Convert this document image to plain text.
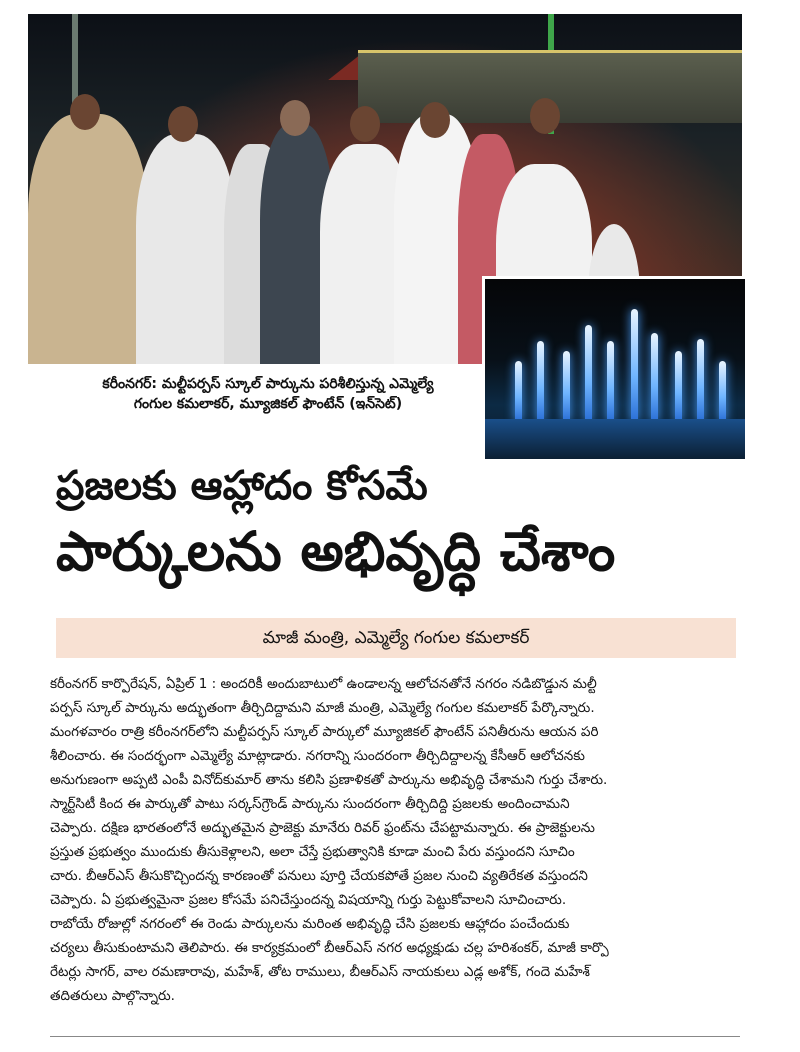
కరీంనగర్‌: మల్టీపర్పస్‌ స్కూల్‌ పార్కును పరిశీలిస్తున్న ఎమ్మెల్యే
గంగుల కమలాకర్‌, మ్యూజికల్‌ ఫౌంటేన్‌ (ఇన్‌సెట్‌)
ప్రజలకు ఆహ్లాదం కోసమే
పార్కులను అభివృద్ధి చేశాం
మాజీ మంత్రి, ఎమ్మెల్యే గంగుల కమలాకర్‌
కరీంనగర్‌ కార్పొరేషన్‌, ఏప్రిల్‌ 1 : అందరికీ అందుబాటులో ఉండాలన్న ఆలోచనతోనే నగరం నడిబొడ్డున మల్టీ
పర్పస్‌ స్కూల్‌ పార్కును అద్భుతంగా తీర్చిదిద్దామని మాజీ మంత్రి, ఎమ్మెల్యే గంగుల కమలాకర్‌ పేర్కొన్నారు.
మంగళవారం రాత్రి కరీంనగర్‌లోని మల్టీపర్పస్‌ స్కూల్‌ పార్కులో మ్యూజికల్‌ ఫౌంటేన్‌ పనితీరును ఆయన పరి
శీలించారు. ఈ సందర్భంగా ఎమ్మెల్యే మాట్లాడారు. నగరాన్ని సుందరంగా తీర్చిదిద్దాలన్న కేసీఆర్‌ ఆలోచనకు
అనుగుణంగా అప్పటి ఎంపీ వినోద్‌కుమార్‌ తాను కలిసి ప్రణాళికతో పార్కును అభివృద్ధి చేశామని గుర్తు చేశారు.
స్మార్ట్‌సిటీ కింద ఈ పార్కుతో పాటు సర్కస్‌గ్రౌండ్‌ పార్కును సుందరంగా తీర్చిదిద్ది ప్రజలకు అందించామని
చెప్పారు. దక్షిణ భారతంలోనే అద్భుతమైన ప్రాజెక్టు మానేరు రివర్‌ ఫ్రంట్‌ను చేపట్టామన్నారు. ఈ ప్రాజెక్టులను
ప్రస్తుత ప్రభుత్వం ముందుకు తీసుకెళ్లాలని, అలా చేస్తే ప్రభుత్వానికి కూడా మంచి పేరు వస్తుందని సూచిం
చారు. బీఆర్‌ఎస్‌ తీసుకొచ్చిందన్న కారణంతో పనులు పూర్తి చేయకపోతే ప్రజల నుంచి వ్యతిరేకత వస్తుందని
చెప్పారు. ఏ ప్రభుత్వమైనా ప్రజల కోసమే పనిచేస్తుందన్న విషయాన్ని గుర్తు పెట్టుకోవాలని సూచించారు.
రాబోయే రోజుల్లో నగరంలో ఈ రెండు పార్కులను మరింత అభివృద్ధి చేసి ప్రజలకు ఆహ్లాదం పంచేందుకు
చర్యలు తీసుకుంటామని తెలిపారు. ఈ కార్యక్రమంలో బీఆర్‌ఎస్‌ నగర అధ్యక్షుడు చల్ల హరిశంకర్‌, మాజీ కార్పొ
రేటర్లు సాగర్‌, వాల రమణారావు, మహేశ్‌, తోట రాములు, బీఆర్‌ఎస్‌ నాయకులు ఎడ్ల అశోక్‌, గందె మహేశ్‌
తదితరులు పాల్గొన్నారు.
